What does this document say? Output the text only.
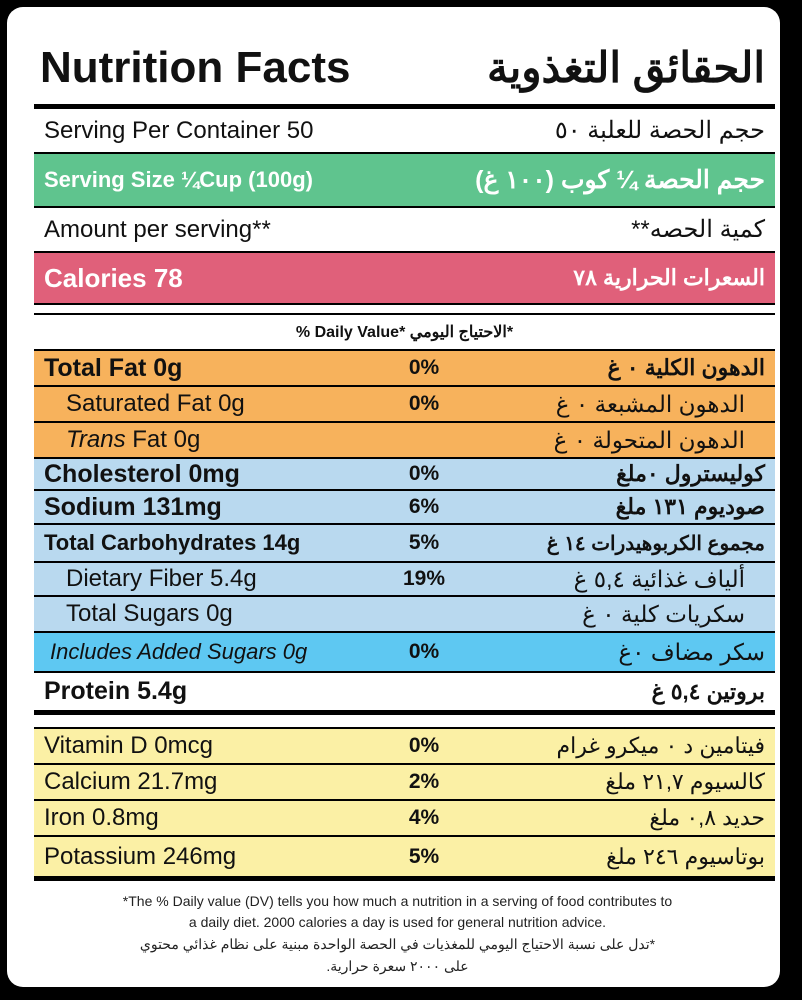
Nutrition Facts	الحقائق التغذوية
Serving Per Container 50	حجم الحصة للعلبة ٥٠
Serving Size ¼Cup (100g)	حجم الحصة ¼ كوب (١٠٠ غ)
Amount per serving**	كمية الحصه**
Calories 78	السعرات الحرارية ٧٨
% Daily Value* الاحتياج اليومي*
Total Fat 0g	0%	الدهون الكلية ٠ غ
Saturated Fat 0g	0%	الدهون المشبعة ٠ غ
Trans Fat 0g	الدهون المتحولة ٠ غ
Cholesterol 0mg	0%	كوليسترول ٠ملغ
Sodium 131mg	6%	صوديوم ١٣١ ملغ
Total Carbohydrates 14g	5%	مجموع الكربوهيدرات ١٤ غ
Dietary Fiber 5.4g	19%	ألياف غذائية ٥,٤ غ
Total Sugars 0g	سكريات كلية ٠ غ
Includes Added Sugars 0g	0%	سكر مضاف ٠غ
Protein 5.4g	بروتين ٥,٤ غ
Vitamin D 0mcg	0%	فيتامين د ٠ ميكرو غرام
Calcium 21.7mg	2%	كالسيوم ٢١,٧ ملغ
Iron 0.8mg	4%	حديد ٠,٨ ملغ
Potassium 246mg	5%	بوتاسيوم ٢٤٦ ملغ
*The % Daily value (DV) tells you how much a nutrition in a serving of food contributes to
a daily diet. 2000 calories a day is used for general nutrition advice.
*تدل على نسبة الاحتياج اليومي للمغذيات في الحصة الواحدة مبنية على نظام غذائي محتوي
على ٢٠٠٠ سعرة حرارية.
